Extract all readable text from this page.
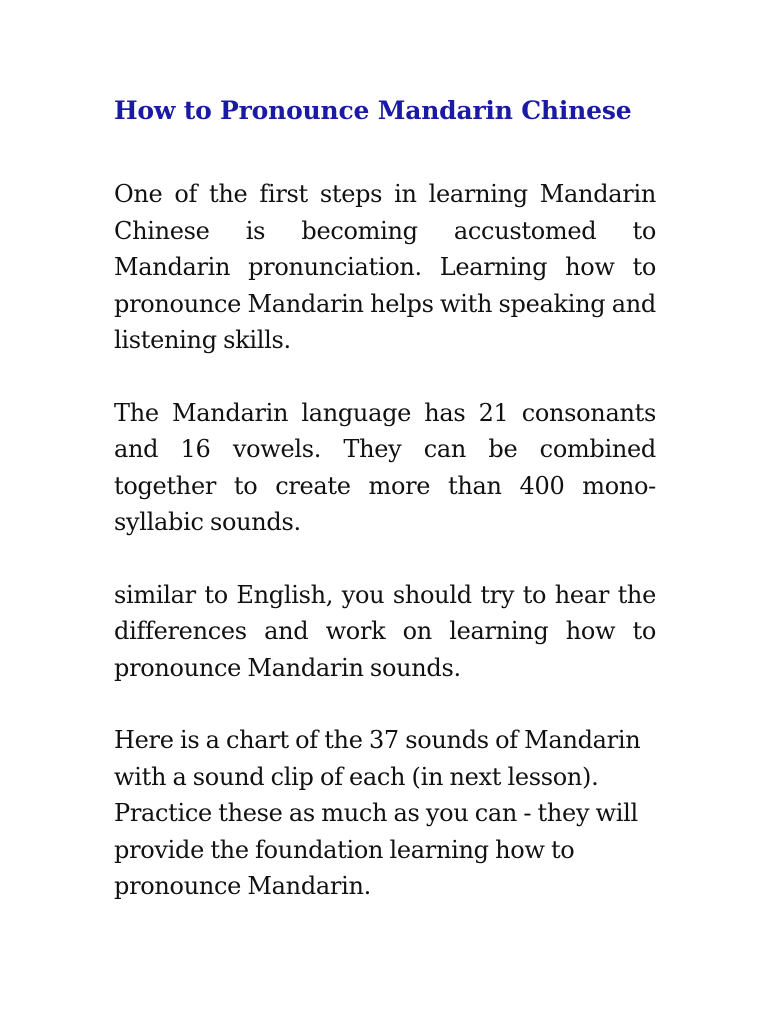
How to Pronounce Mandarin Chinese

One of the first steps in learning Mandarin Chinese is becoming accustomed to Mandarin pronunciation. Learning how to pronounce Mandarin helps with speaking and listening skills.

The Mandarin language has 21 consonants and 16 vowels. They can be combined together to create more than 400 mono-syllabic sounds.

similar to English, you should try to hear the differences and work on learning how to pronounce Mandarin sounds.

Here is a chart of the 37 sounds of Mandarin with a sound clip of each (in next lesson). Practice these as much as you can - they will provide the foundation learning how to pronounce Mandarin.
